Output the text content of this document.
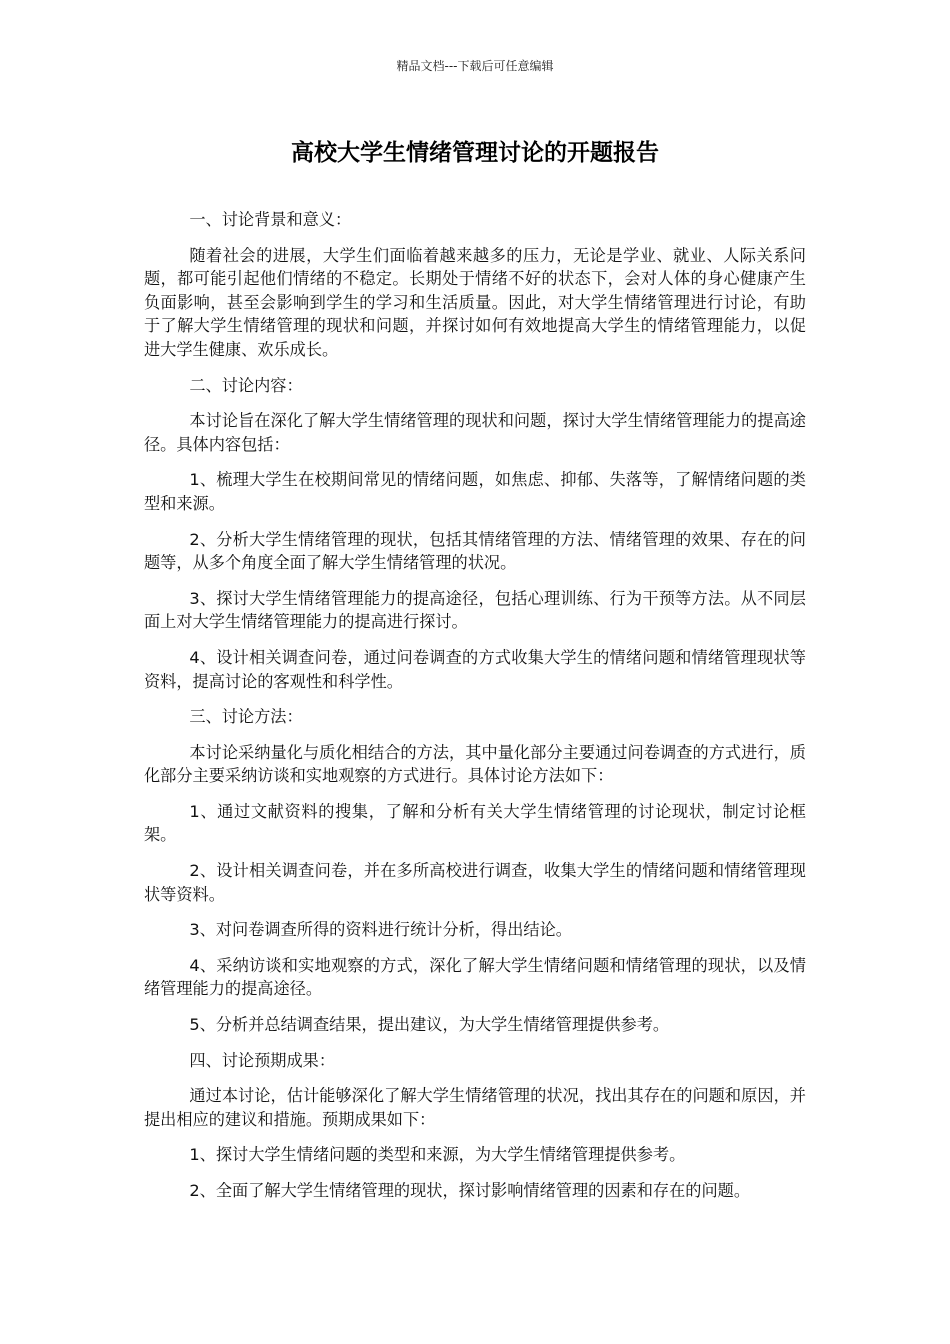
精品文档---下载后可任意编辑
高校大学生情绪管理讨论的开题报告

一、讨论背景和意义：

随着社会的进展，大学生们面临着越来越多的压力，无论是学业、就业、人际关系问题，都可能引起他们情绪的不稳定。长期处于情绪不好的状态下，会对人体的身心健康产生负面影响，甚至会影响到学生的学习和生活质量。因此，对大学生情绪管理进行讨论，有助于了解大学生情绪管理的现状和问题，并探讨如何有效地提高大学生的情绪管理能力，以促进大学生健康、欢乐成长。

二、讨论内容：

本讨论旨在深化了解大学生情绪管理的现状和问题，探讨大学生情绪管理能力的提高途径。具体内容包括：

1、梳理大学生在校期间常见的情绪问题，如焦虑、抑郁、失落等，了解情绪问题的类型和来源。

2、分析大学生情绪管理的现状，包括其情绪管理的方法、情绪管理的效果、存在的问题等，从多个角度全面了解大学生情绪管理的状况。

3、探讨大学生情绪管理能力的提高途径，包括心理训练、行为干预等方法。从不同层面上对大学生情绪管理能力的提高进行探讨。

4、设计相关调查问卷，通过问卷调查的方式收集大学生的情绪问题和情绪管理现状等资料，提高讨论的客观性和科学性。

三、讨论方法：

本讨论采纳量化与质化相结合的方法，其中量化部分主要通过问卷调查的方式进行，质化部分主要采纳访谈和实地观察的方式进行。具体讨论方法如下：

1、通过文献资料的搜集，了解和分析有关大学生情绪管理的讨论现状，制定讨论框架。

2、设计相关调查问卷，并在多所高校进行调查，收集大学生的情绪问题和情绪管理现状等资料。

3、对问卷调查所得的资料进行统计分析，得出结论。

4、采纳访谈和实地观察的方式，深化了解大学生情绪问题和情绪管理的现状，以及情绪管理能力的提高途径。

5、分析并总结调查结果，提出建议，为大学生情绪管理提供参考。

四、讨论预期成果：

通过本讨论，估计能够深化了解大学生情绪管理的状况，找出其存在的问题和原因，并提出相应的建议和措施。预期成果如下：

1、探讨大学生情绪问题的类型和来源，为大学生情绪管理提供参考。

2、全面了解大学生情绪管理的现状，探讨影响情绪管理的因素和存在的问题。
